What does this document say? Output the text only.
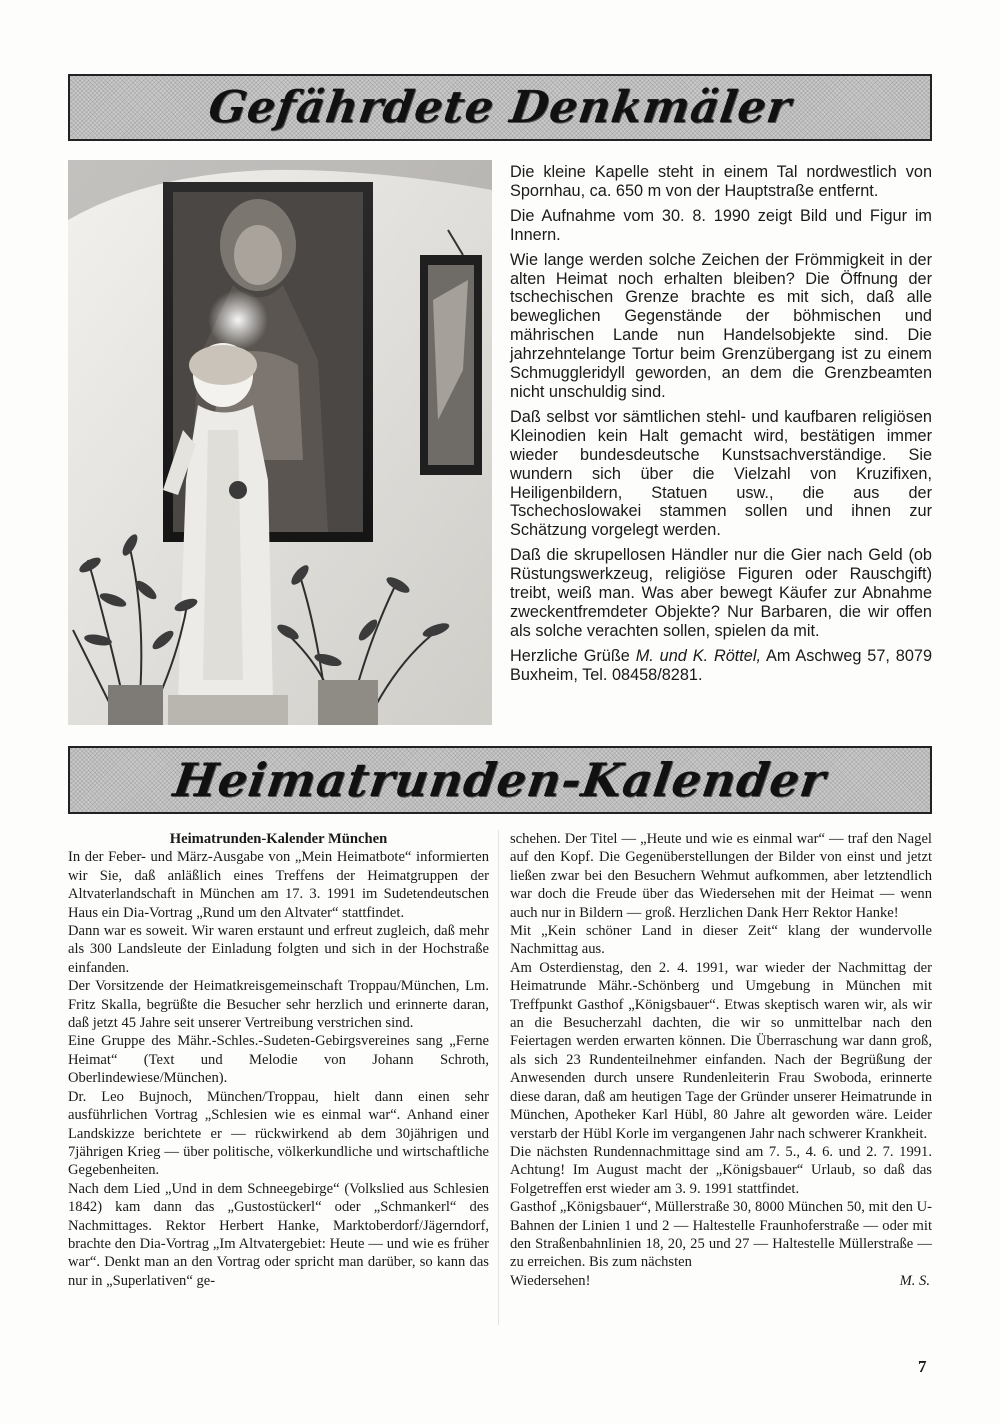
Gefährdete Denkmäler

Die kleine Kapelle steht in einem Tal nordwestlich von Spornhau, ca. 650 m von der Hauptstraße entfernt.

Die Aufnahme vom 30. 8. 1990 zeigt Bild und Figur im Innern.

Wie lange werden solche Zeichen der Frömmigkeit in der alten Heimat noch erhalten bleiben? Die Öffnung der tschechischen Grenze brachte es mit sich, daß alle beweglichen Gegenstände der böhmischen und mährischen Lande nun Handelsobjekte sind. Die jahrzehntelange Tortur beim Grenzübergang ist zu einem Schmuggleridyll geworden, an dem die Grenzbeamten nicht unschuldig sind.

Daß selbst vor sämtlichen stehl- und kaufbaren religiösen Kleinodien kein Halt gemacht wird, bestätigen immer wieder bundesdeutsche Kunstsachverständige. Sie wundern sich über die Vielzahl von Kruzifixen, Heiligenbildern, Statuen usw., die aus der Tschechoslowakei stammen sollen und ihnen zur Schätzung vorgelegt werden.

Daß die skrupellosen Händler nur die Gier nach Geld (ob Rüstungswerkzeug, religiöse Figuren oder Rauschgift) treibt, weiß man. Was aber bewegt Käufer zur Abnahme zweckentfremdeter Objekte? Nur Barbaren, die wir offen als solche verachten sollen, spielen da mit.

Herzliche Grüße M. und K. Röttel, Am Aschweg 57, 8079 Buxheim, Tel. 08458/8281.

Heimatrunden-Kalender

Heimatrunden-Kalender München

In der Feber- und März-Ausgabe von „Mein Heimatbote“ informierten wir Sie, daß anläßlich eines Treffens der Heimatgruppen der Altvaterlandschaft in München am 17. 3. 1991 im Sudetendeutschen Haus ein Dia-Vortrag „Rund um den Altvater“ stattfindet.

Dann war es soweit. Wir waren erstaunt und erfreut zugleich, daß mehr als 300 Landsleute der Einladung folgten und sich in der Hochstraße einfanden.

Der Vorsitzende der Heimatkreisgemeinschaft Troppau/München, Lm. Fritz Skalla, begrüßte die Besucher sehr herzlich und erinnerte daran, daß jetzt 45 Jahre seit unserer Vertreibung verstrichen sind.

Eine Gruppe des Mähr.-Schles.-Sudeten-Gebirgsvereines sang „Ferne Heimat“ (Text und Melodie von Johann Schroth, Oberlindewiese/München).

Dr. Leo Bujnoch, München/Troppau, hielt dann einen sehr ausführlichen Vortrag „Schlesien wie es einmal war“. Anhand einer Landskizze berichtete er — rückwirkend ab dem 30jährigen und 7jährigen Krieg — über politische, völkerkundliche und wirtschaftliche Gegebenheiten.

Nach dem Lied „Und in dem Schneegebirge“ (Volkslied aus Schlesien 1842) kam dann das „Gustostückerl“ oder „Schmankerl“ des Nachmittages. Rektor Herbert Hanke, Marktoberdorf/Jägerndorf, brachte den Dia-Vortrag „Im Altvatergebiet: Heute — und wie es früher war“. Denkt man an den Vortrag oder spricht man darüber, so kann das nur in „Superlativen“ ge-

schehen. Der Titel — „Heute und wie es einmal war“ — traf den Nagel auf den Kopf. Die Gegenüberstellungen der Bilder von einst und jetzt ließen zwar bei den Besuchern Wehmut aufkommen, aber letztendlich war doch die Freude über das Wiedersehen mit der Heimat — wenn auch nur in Bildern — groß. Herzlichen Dank Herr Rektor Hanke!

Mit „Kein schöner Land in dieser Zeit“ klang der wundervolle Nachmittag aus.

Am Osterdienstag, den 2. 4. 1991, war wieder der Nachmittag der Heimatrunde Mähr.-Schönberg und Umgebung in München mit Treffpunkt Gasthof „Königsbauer“. Etwas skeptisch waren wir, als wir an die Besucherzahl dachten, die wir so unmittelbar nach den Feiertagen werden erwarten können. Die Überraschung war dann groß, als sich 23 Rundenteilnehmer einfanden. Nach der Begrüßung der Anwesenden durch unsere Rundenleiterin Frau Swoboda, erinnerte diese daran, daß am heutigen Tage der Gründer unserer Heimatrunde in München, Apotheker Karl Hübl, 80 Jahre alt geworden wäre. Leider verstarb der Hübl Korle im vergangenen Jahr nach schwerer Krankheit.

Die nächsten Rundennachmittage sind am 7. 5., 4. 6. und 2. 7. 1991. Achtung! Im August macht der „Königsbauer“ Urlaub, so daß das Folgetreffen erst wieder am 3. 9. 1991 stattfindet.

Gasthof „Königsbauer“, Müllerstraße 30, 8000 München 50, mit den U-Bahnen der Linien 1 und 2 — Haltestelle Fraunhoferstraße — oder mit den Straßenbahnlinien 18, 20, 25 und 27 — Haltestelle Müllerstraße — zu erreichen. Bis zum nächsten

Wiedersehen!	M. S.

7
